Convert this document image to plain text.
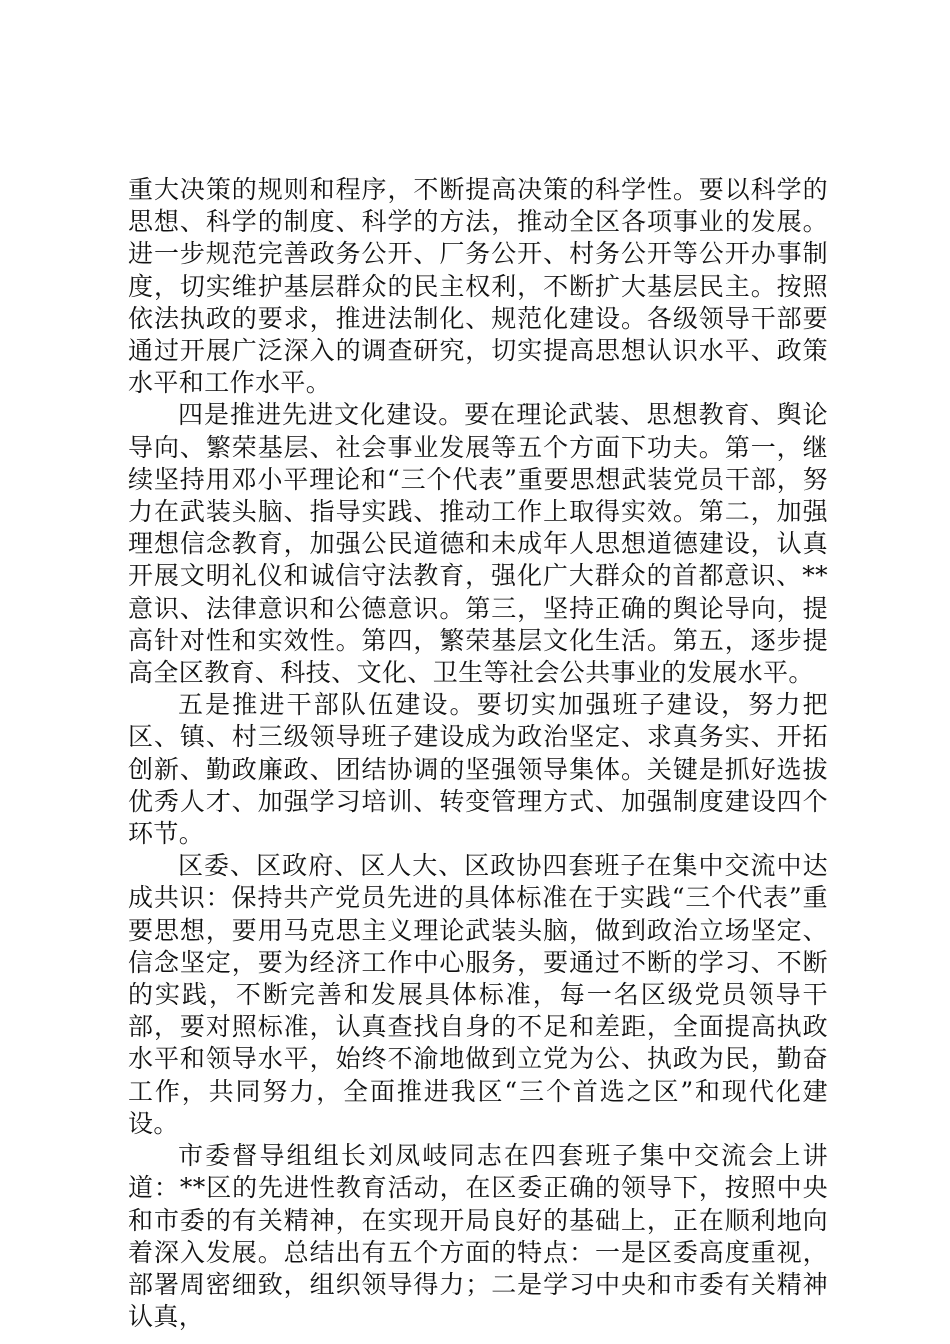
重大决策的规则和程序，不断提高决策的科学性。要以科学的思想、科学的制度、科学的方法，推动全区各项事业的发展。进一步规范完善政务公开、厂务公开、村务公开等公开办事制度，切实维护基层群众的民主权利，不断扩大基层民主。按照依法执政的要求，推进法制化、规范化建设。各级领导干部要通过开展广泛深入的调查研究，切实提高思想认识水平、政策水平和工作水平。

四是推进先进文化建设。要在理论武装、思想教育、舆论导向、繁荣基层、社会事业发展等五个方面下功夫。第一，继续坚持用邓小平理论和“三个代表”重要思想武装党员干部，努力在武装头脑、指导实践、推动工作上取得实效。第二，加强理想信念教育，加强公民道德和未成年人思想道德建设，认真开展文明礼仪和诚信守法教育，强化广大群众的首都意识、**意识、法律意识和公德意识。第三，坚持正确的舆论导向，提高针对性和实效性。第四，繁荣基层文化生活。第五，逐步提高全区教育、科技、文化、卫生等社会公共事业的发展水平。

五是推进干部队伍建设。要切实加强班子建设，努力把区、镇、村三级领导班子建设成为政治坚定、求真务实、开拓创新、勤政廉政、团结协调的坚强领导集体。关键是抓好选拔优秀人才、加强学习培训、转变管理方式、加强制度建设四个环节。

区委、区政府、区人大、区政协四套班子在集中交流中达成共识：保持共产党员先进的具体标准在于实践“三个代表”重要思想，要用马克思主义理论武装头脑，做到政治立场坚定、信念坚定，要为经济工作中心服务，要通过不断的学习、不断的实践，不断完善和发展具体标准，每一名区级党员领导干部，要对照标准，认真查找自身的不足和差距，全面提高执政水平和领导水平，始终不渝地做到立党为公、执政为民，勤奋工作，共同努力，全面推进我区“三个首选之区”和现代化建设。

市委督导组组长刘凤岐同志在四套班子集中交流会上讲道：**区的先进性教育活动，在区委正确的领导下，按照中央和市委的有关精神，在实现开局良好的基础上，正在顺利地向着深入发展。总结出有五个方面的特点：一是区委高度重视，部署周密细致，组织领导得力；二是学习中央和市委有关精神认真，
